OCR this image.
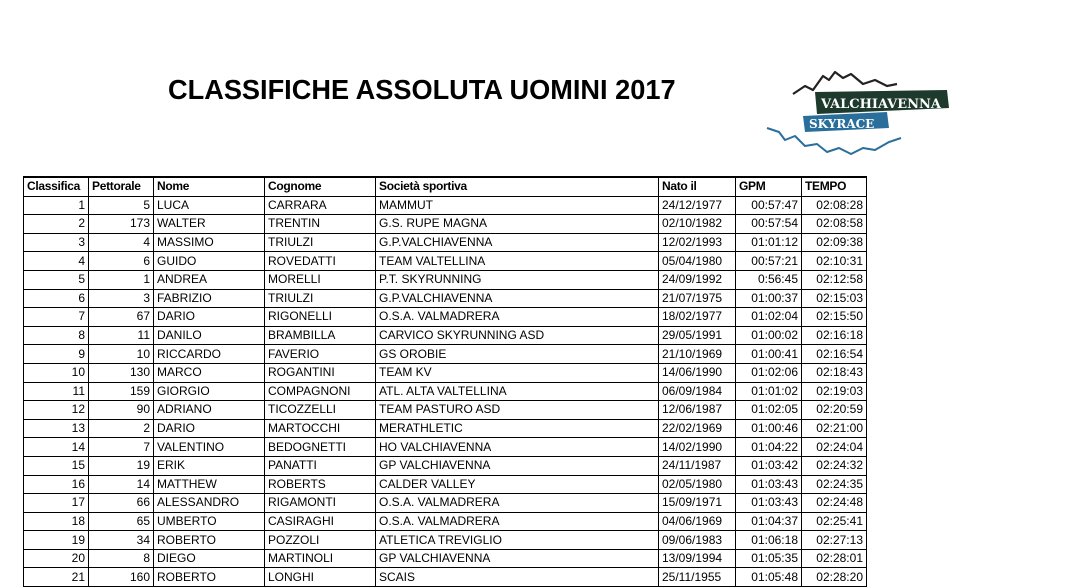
CLASSIFICHE ASSOLUTA UOMINI 2017	VALCHIAVENNA
SKYRACE
Classifica	Pettorale	Nome	Cognome	Società sportiva	Nato il	GPM	TEMPO
1	5	LUCA	CARRARA	MAMMUT	24/12/1977	00:57:47	02:08:28
2	173	WALTER	TRENTIN	G.S. RUPE MAGNA	02/10/1982	00:57:54	02:08:58
3	4	MASSIMO	TRIULZI	G.P.VALCHIAVENNA	12/02/1993	01:01:12	02:09:38
4	6	GUIDO	ROVEDATTI	TEAM VALTELLINA	05/04/1980	00:57:21	02:10:31
5	1	ANDREA	MORELLI	P.T. SKYRUNNING	24/09/1992	0:56:45	02:12:58
6	3	FABRIZIO	TRIULZI	G.P.VALCHIAVENNA	21/07/1975	01:00:37	02:15:03
7	67	DARIO	RIGONELLI	O.S.A. VALMADRERA	18/02/1977	01:02:04	02:15:50
8	11	DANILO	BRAMBILLA	CARVICO SKYRUNNING ASD	29/05/1991	01:00:02	02:16:18
9	10	RICCARDO	FAVERIO	GS OROBIE	21/10/1969	01:00:41	02:16:54
10	130	MARCO	ROGANTINI	TEAM KV	14/06/1990	01:02:06	02:18:43
11	159	GIORGIO	COMPAGNONI	ATL. ALTA VALTELLINA	06/09/1984	01:01:02	02:19:03
12	90	ADRIANO	TICOZZELLI	TEAM PASTURO ASD	12/06/1987	01:02:05	02:20:59
13	2	DARIO	MARTOCCHI	MERATHLETIC	22/02/1969	01:00:46	02:21:00
14	7	VALENTINO	BEDOGNETTI	HO VALCHIAVENNA	14/02/1990	01:04:22	02:24:04
15	19	ERIK	PANATTI	GP VALCHIAVENNA	24/11/1987	01:03:42	02:24:32
16	14	MATTHEW	ROBERTS	CALDER VALLEY	02/05/1980	01:03:43	02:24:35
17	66	ALESSANDRO	RIGAMONTI	O.S.A. VALMADRERA	15/09/1971	01:03:43	02:24:48
18	65	UMBERTO	CASIRAGHI	O.S.A. VALMADRERA	04/06/1969	01:04:37	02:25:41
19	34	ROBERTO	POZZOLI	ATLETICA TREVIGLIO	09/06/1983	01:06:18	02:27:13
20	8	DIEGO	MARTINOLI	GP VALCHIAVENNA	13/09/1994	01:05:35	02:28:01
21	160	ROBERTO	LONGHI	SCAIS	25/11/1955	01:05:48	02:28:20
